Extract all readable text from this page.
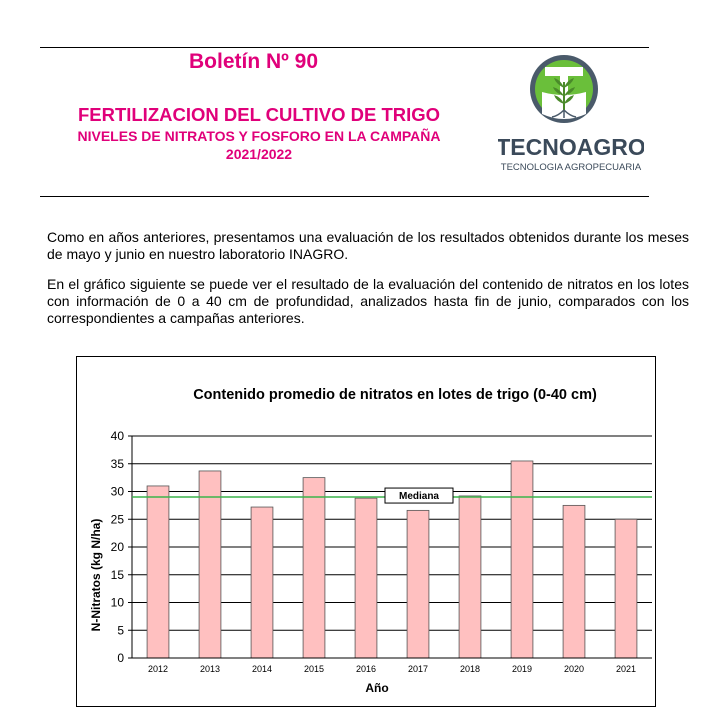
Boletín Nº 90
FERTILIZACION DEL CULTIVO DE TRIGO
NIVELES DE NITRATOS Y FOSFORO EN LA CAMPAÑA
2021/2022	TECNOAGRO
TECNOLOGIA AGROPECUARIA
Como en años anteriores, presentamos una evaluación de los resultados obtenidos durante los meses de mayo y junio en nuestro laboratorio INAGRO.
En el gráfico siguiente se puede ver el resultado de la evaluación del contenido de nitratos en los lotes con información de 0 a 40 cm de profundidad, analizados hasta fin de junio, comparados con los correspondientes a campañas anteriores.
Contenido promedio de nitratos en lotes de trigo (0-40 cm)
0
5
10
15
20
25
30
35
40
2012	2013	2014	2015	2016	2017	2018	2019	2020	2021
Mediana
Año
N-Nitratos (kg N/ha)
